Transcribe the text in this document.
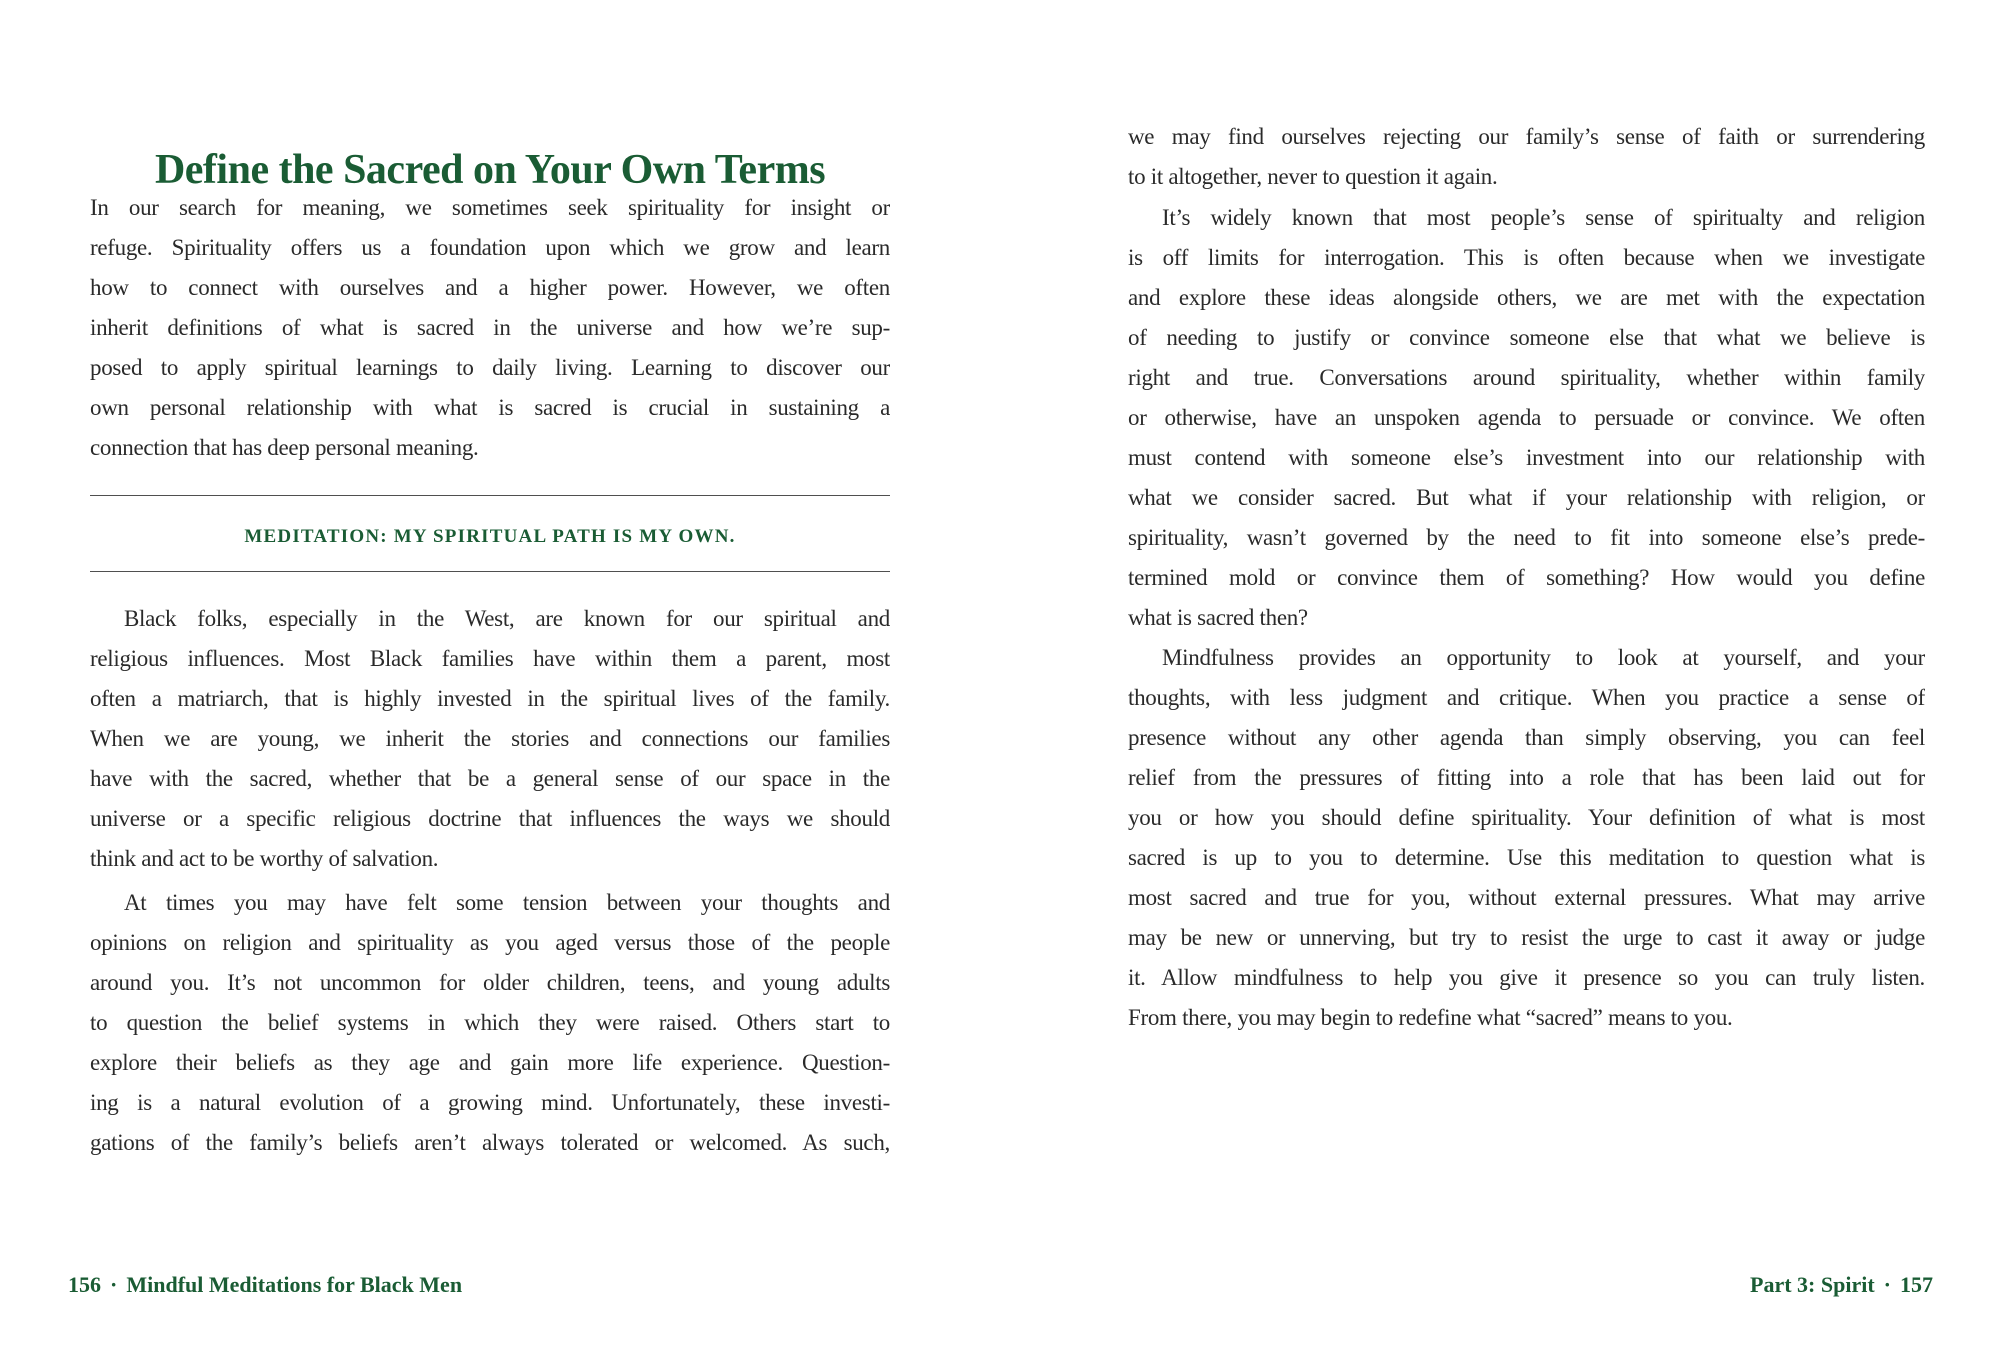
Define the Sacred on Your Own Terms
In our search for meaning, we sometimes seek spirituality for insight or
refuge. Spirituality offers us a foundation upon which we grow and learn
how to connect with ourselves and a higher power. However, we often
inherit definitions of what is sacred in the universe and how we’re sup-
posed to apply spiritual learnings to daily living. Learning to discover our
own personal relationship with what is sacred is crucial in sustaining a
connection that has deep personal meaning.
MEDITATION: MY SPIRITUAL PATH IS MY OWN.
Black folks, especially in the West, are known for our spiritual and
religious influences. Most Black families have within them a parent, most
often a matriarch, that is highly invested in the spiritual lives of the family.
When we are young, we inherit the stories and connections our families
have with the sacred, whether that be a general sense of our space in the
universe or a specific religious doctrine that influences the ways we should
think and act to be worthy of salvation.
At times you may have felt some tension between your thoughts and
opinions on religion and spirituality as you aged versus those of the people
around you. It’s not uncommon for older children, teens, and young adults
to question the belief systems in which they were raised. Others start to
explore their beliefs as they age and gain more life experience. Question-
ing is a natural evolution of a growing mind. Unfortunately, these investi-
gations of the family’s beliefs aren’t always tolerated or welcomed. As such,
156 · Mindful Meditations for Black Men
we may find ourselves rejecting our family’s sense of faith or surrendering
to it altogether, never to question it again.
It’s widely known that most people’s sense of spiritualty and religion
is off limits for interrogation. This is often because when we investigate
and explore these ideas alongside others, we are met with the expectation
of needing to justify or convince someone else that what we believe is
right and true. Conversations around spirituality, whether within family
or otherwise, have an unspoken agenda to persuade or convince. We often
must contend with someone else’s investment into our relationship with
what we consider sacred. But what if your relationship with religion, or
spirituality, wasn’t governed by the need to fit into someone else’s prede-
termined mold or convince them of something? How would you define
what is sacred then?
Mindfulness provides an opportunity to look at yourself, and your
thoughts, with less judgment and critique. When you practice a sense of
presence without any other agenda than simply observing, you can feel
relief from the pressures of fitting into a role that has been laid out for
you or how you should define spirituality. Your definition of what is most
sacred is up to you to determine. Use this meditation to question what is
most sacred and true for you, without external pressures. What may arrive
may be new or unnerving, but try to resist the urge to cast it away or judge
it. Allow mindfulness to help you give it presence so you can truly listen.
From there, you may begin to redefine what “sacred” means to you.
Part 3: Spirit · 157
